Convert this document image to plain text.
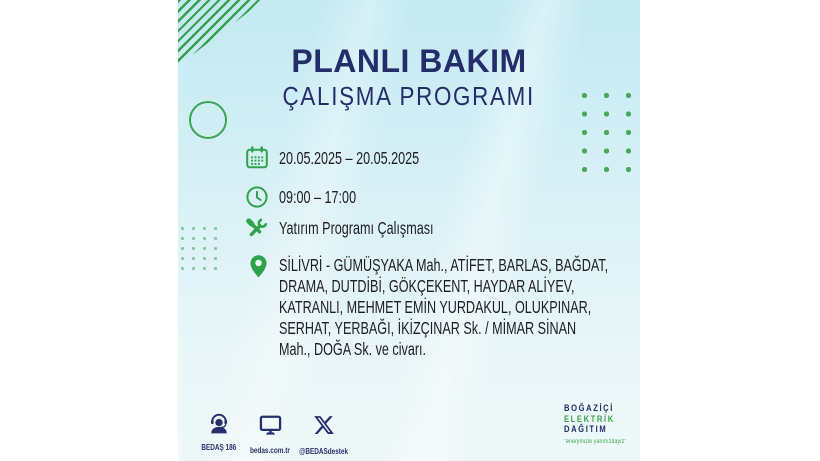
PLANLI BAKIM
ÇALIŞMA PROGRAMI
20.05.2025 – 20.05.2025
09:00 – 17:00
Yatırım Programı Çalışması
SİLİVRİ - GÜMÜŞYAKA Mah., ATİFET, BARLAS, BAĞDAT,
DRAMA, DUTDİBİ, GÖKÇEKENT, HAYDAR ALİYEV,
KATRANLI, MEHMET EMİN YURDAKUL, OLUKPINAR,
SERHAT, YERBAĞI, İKİZÇINAR Sk. / MİMAR SİNAN
Mah., DOĞA Sk. ve civarı.
BEDAŞ 186	bedas.com.tr	@BEDASdestek
BOĞAZİÇİ
ELEKTRİK
DAĞITIM
"enerjimizle yanınızdayız"
